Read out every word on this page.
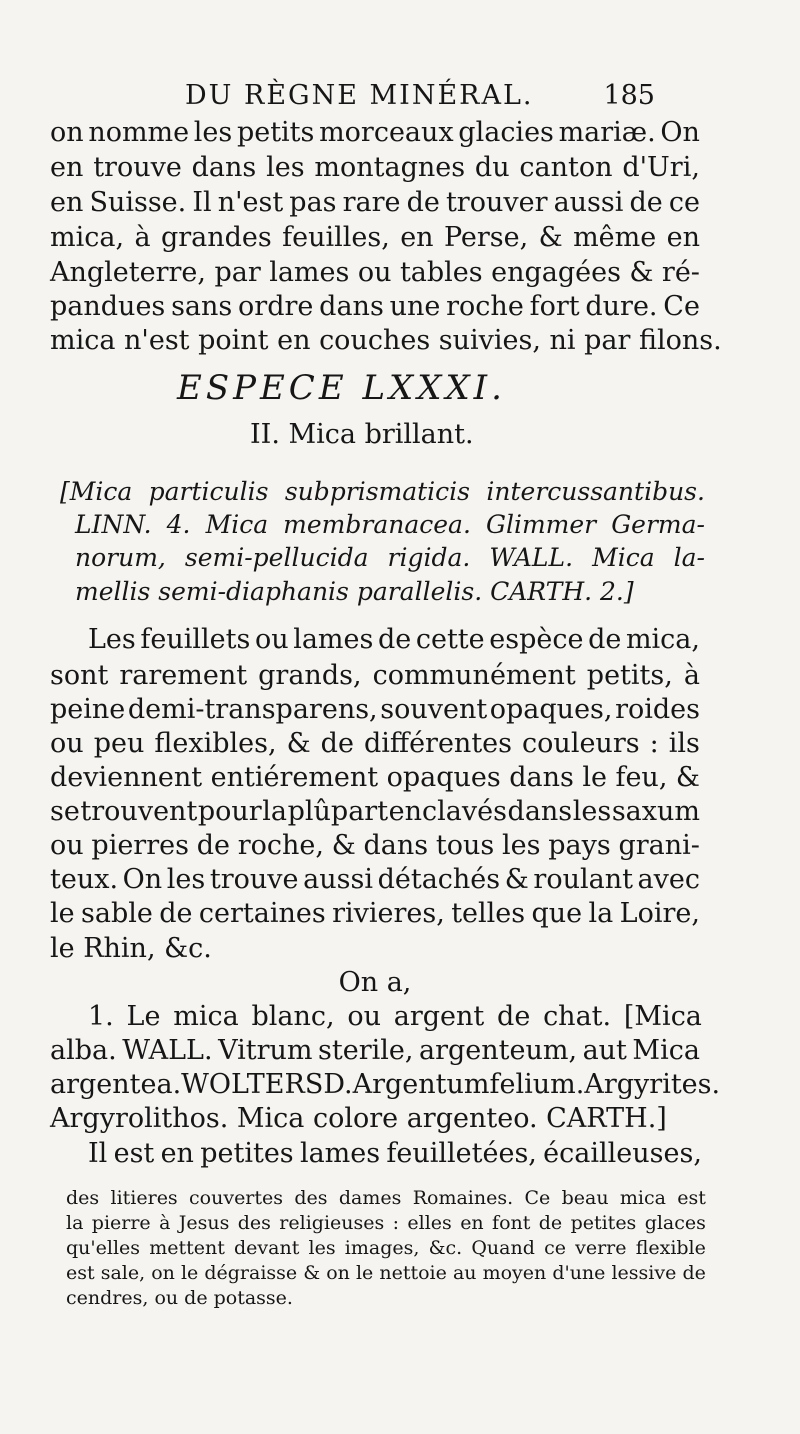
DU RÈGNE MINÉRAL.	185
on nomme les petits morceaux glacies mariæ. On
en trouve dans les montagnes du canton d'Uri,
en Suisse. Il n'est pas rare de trouver aussi de ce
mica, à grandes feuilles, en Perse, & même en
Angleterre, par lames ou tables engagées & ré-
pandues sans ordre dans une roche fort dure. Ce
mica n'est point en couches suivies, ni par filons.
ESPECE LXXXI.
II. Mica brillant.
[Mica particulis subprismaticis intercussantibus.
LINN. 4. Mica membranacea. Glimmer Germa-
norum, semi-pellucida rigida. WALL. Mica la-
mellis semi-diaphanis parallelis. CARTH. 2.]
Les feuillets ou lames de cette espèce de mica,
sont rarement grands, communément petits, à
peine demi-transparens, souvent opaques, roides
ou peu flexibles, & de différentes couleurs : ils
deviennent entiérement opaques dans le feu, &
se trouvent pour la plûpart enclavés dans les saxum
ou pierres de roche, & dans tous les pays grani-
teux. On les trouve aussi détachés & roulant avec
le sable de certaines rivieres, telles que la Loire,
le Rhin, &c.
On a,
1. Le mica blanc, ou argent de chat. [Mica
alba. WALL. Vitrum sterile, argenteum, aut Mica
argentea. WOLTERSD. Argentum felium. Argyrites.
Argyrolithos. Mica colore argenteo. CARTH.]
Il est en petites lames feuilletées, écailleuses,
des litieres couvertes des dames Romaines. Ce beau mica est
la pierre à Jesus des religieuses : elles en font de petites glaces
qu'elles mettent devant les images, &c. Quand ce verre flexible
est sale, on le dégraisse & on le nettoie au moyen d'une lessive de
cendres, ou de potasse.
